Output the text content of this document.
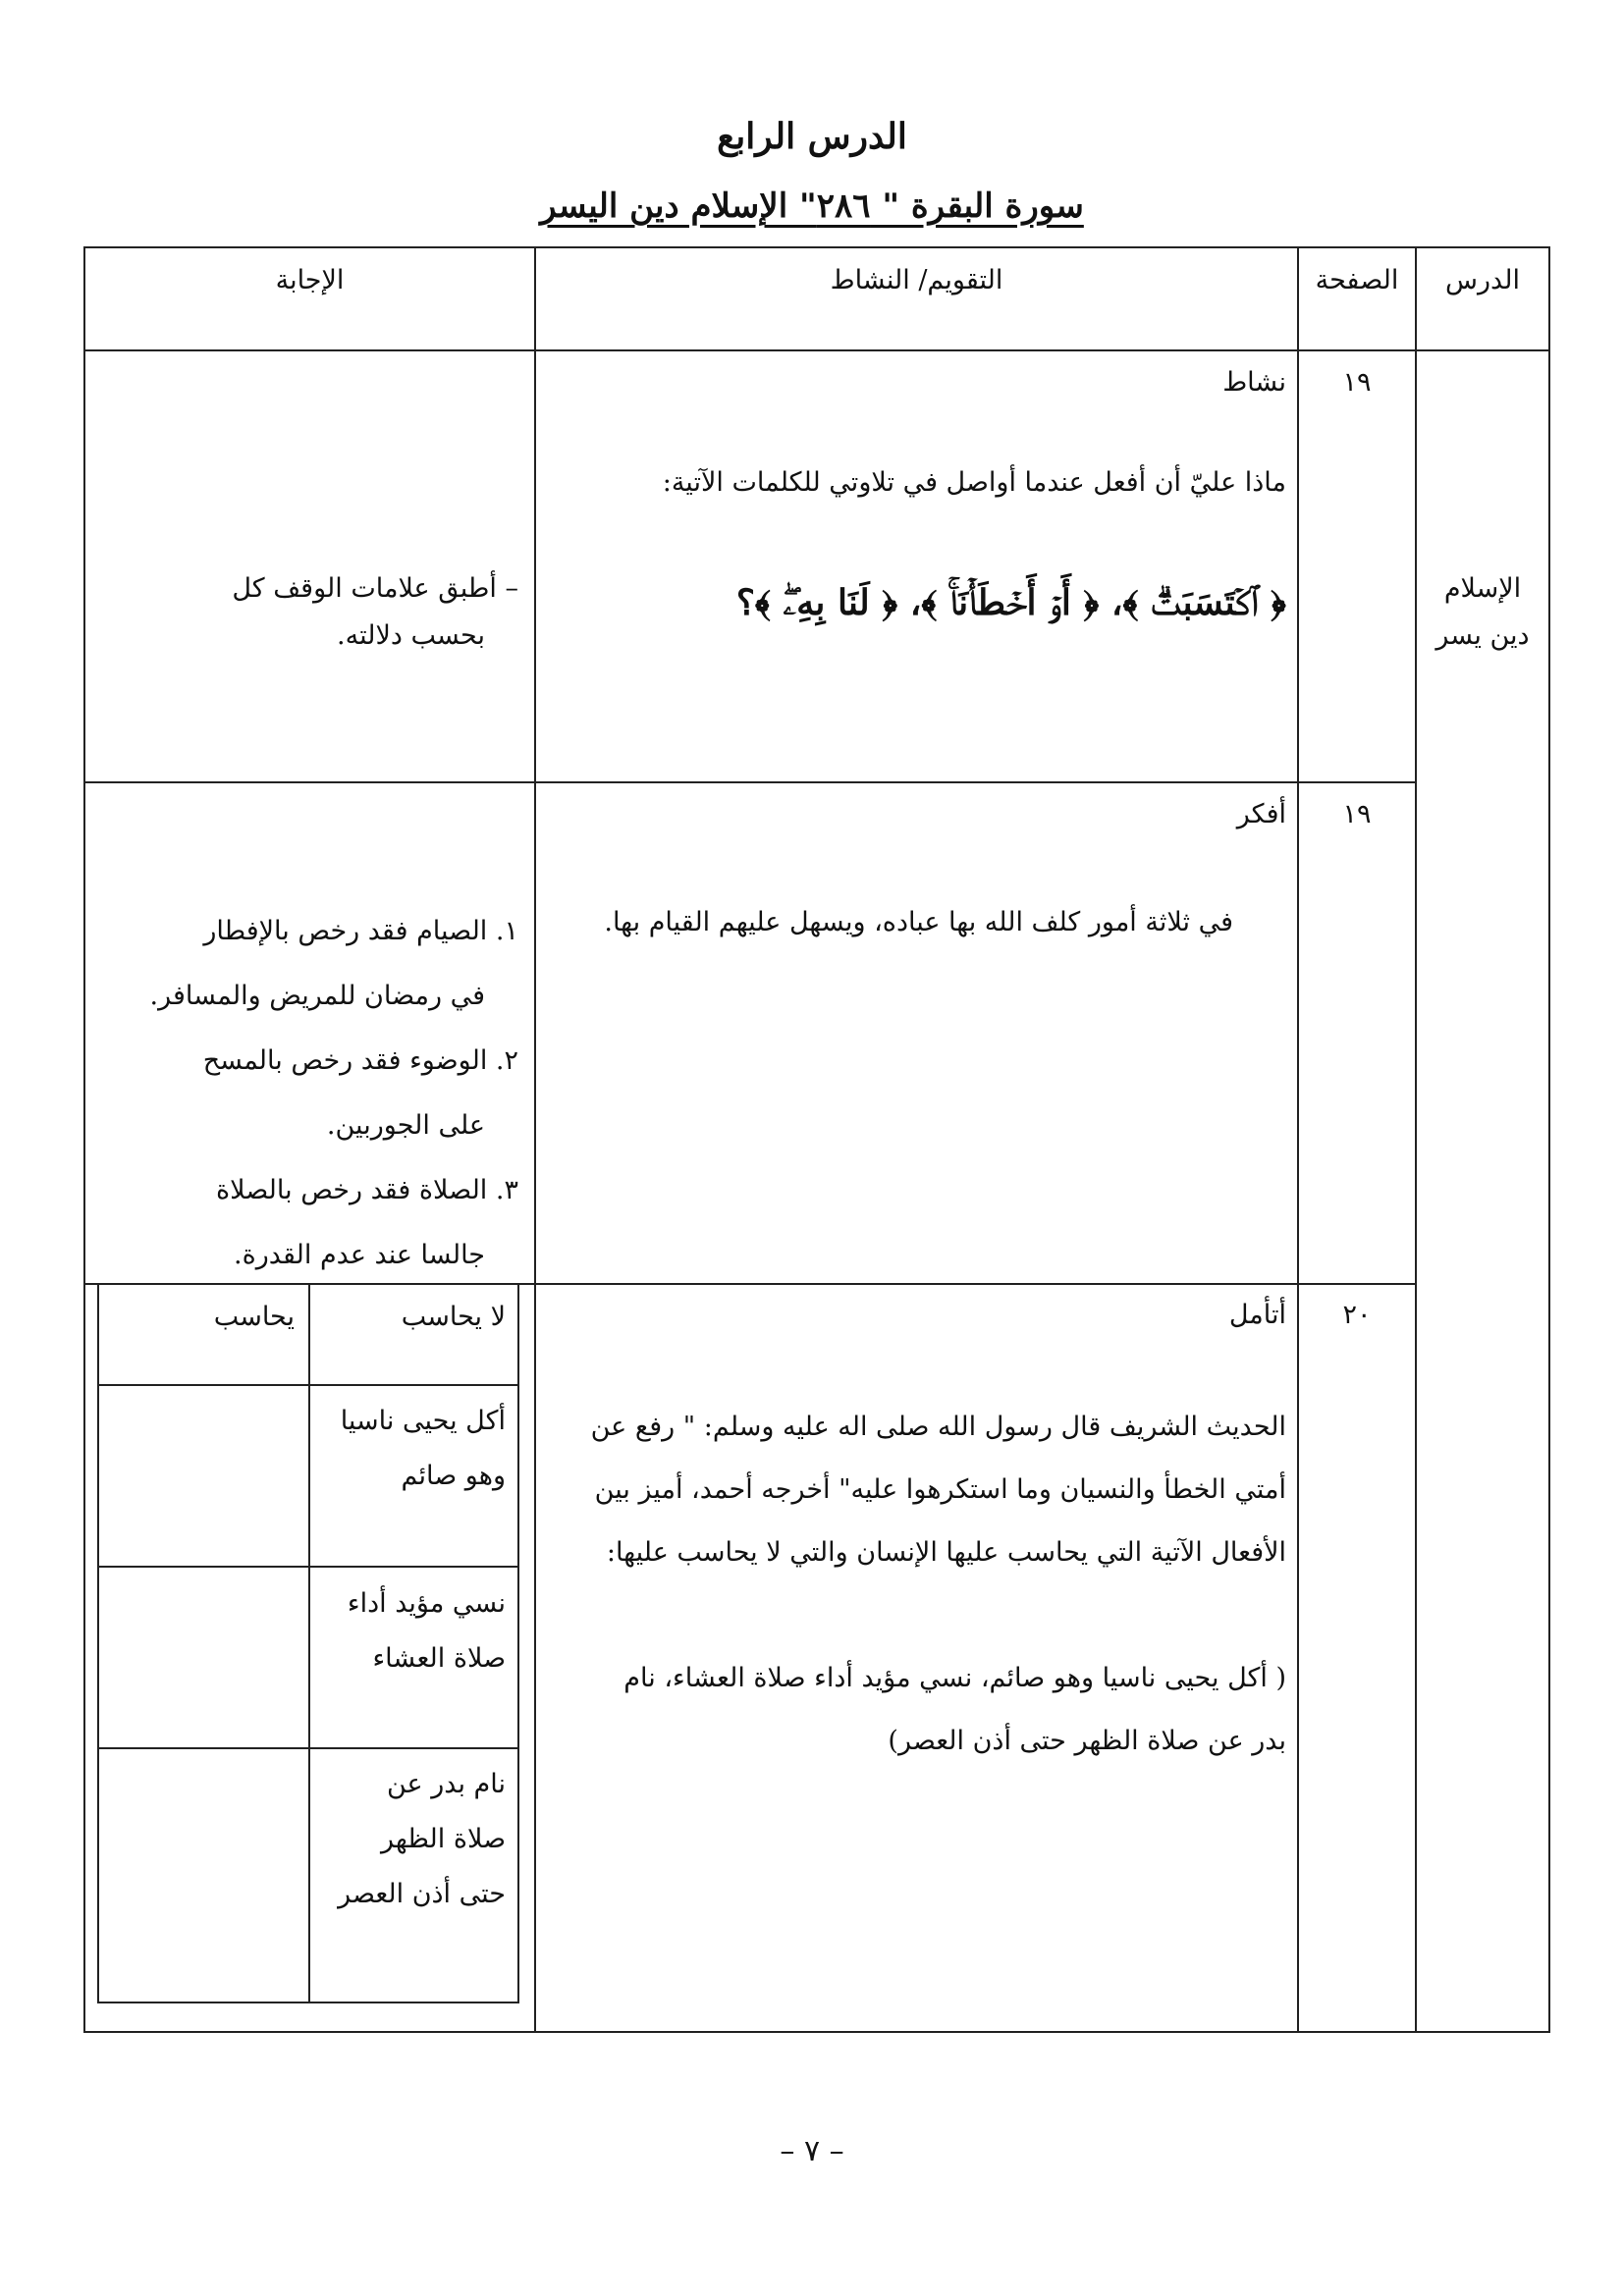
الدرس الرابع
سورة البقرة " ٢٨٦" الإسلام دين اليسر
الدرس
الصفحة
التقويم/ النشاط
الإجابة
الإسلام
دين يسر
١٩
نشاط
ماذا عليّ أن أفعل عندما أواصل في تلاوتي للكلمات الآتية:
﴿ ٱكۡتَسَبَتۡۗ ﴾، ﴿ أَوۡ أَخۡطَأۡنَاۚ ﴾، ﴿ لَنَا بِهِۦۖ ﴾؟
– أطبق علامات الوقف كل
بحسب دلالته.
١٩
أفكر
في ثلاثة أمور كلف الله بها عباده، ويسهل عليهم القيام بها.
١. الصيام فقد رخص بالإفطار
في رمضان للمريض والمسافر.
٢. الوضوء فقد رخص بالمسح
على الجوربين.
٣. الصلاة فقد رخص بالصلاة
جالسا عند عدم القدرة.
٢٠
أتأمل
الحديث الشريف قال رسول الله صلى اله عليه وسلم: " رفع عن
أمتي الخطأ والنسيان وما استكرهوا عليه" أخرجه أحمد، أميز بين
الأفعال الآتية التي يحاسب عليها الإنسان والتي لا يحاسب عليها:
( أكل يحيى ناسيا وهو صائم، نسي مؤيد أداء صلاة العشاء، نام
بدر عن صلاة الظهر حتى أذن العصر)
لا يحاسب
يحاسب
أكل يحيى ناسيا
وهو صائم
نسي مؤيد أداء
صلاة العشاء
نام بدر عن
صلاة الظهر
حتى أذن العصر
– ٧ –
